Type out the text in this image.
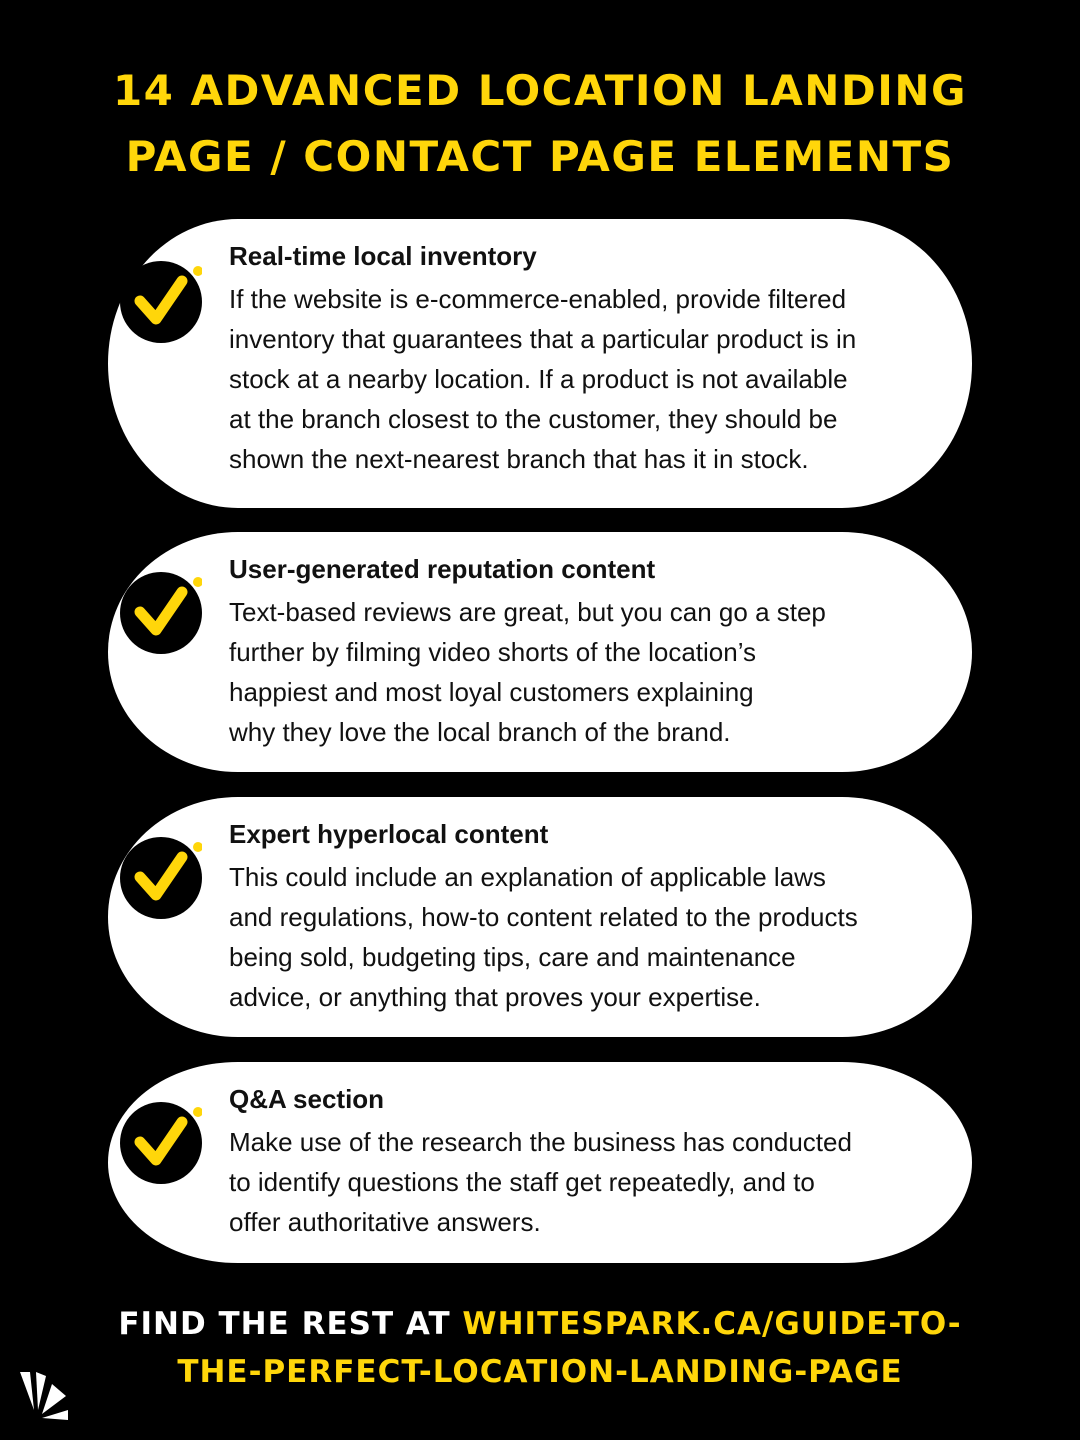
14 ADVANCED LOCATION LANDING
PAGE / CONTACT PAGE ELEMENTS
Real-time local inventory
If the website is e-commerce-enabled, provide filtered
inventory that guarantees that a particular product is in
stock at a nearby location. If a product is not available
at the branch closest to the customer, they should be
shown the next-nearest branch that has it in stock.
User-generated reputation content
Text-based reviews are great, but you can go a step
further by filming video shorts of the location’s
happiest and most loyal customers explaining
why they love the local branch of the brand.
Expert hyperlocal content
This could include an explanation of applicable laws
and regulations, how-to content related to the products
being sold, budgeting tips, care and maintenance
advice, or anything that proves your expertise.
Q&A section
Make use of the research the business has conducted
to identify questions the staff get repeatedly, and to
offer authoritative answers.
FIND THE REST AT WHITESPARK.CA/GUIDE-TO-
THE-PERFECT-LOCATION-LANDING-PAGE
